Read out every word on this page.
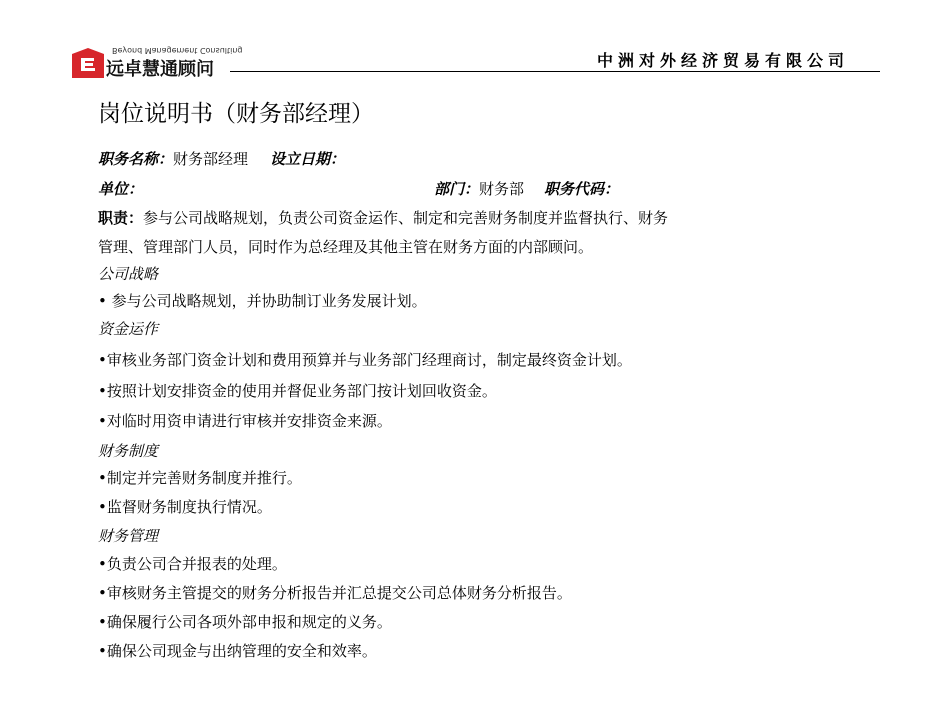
Beyond Management Consulting
远卓慧通顾问	中洲对外经济贸易有限公司
岗位说明书（财务部经理）
职务名称：财务部经理 设立日期：
单位：	部门：财务部 职务代码：
职责：参与公司战略规划，负责公司资金运作、制定和完善财务制度并监督执行、财务
管理、管理部门人员，同时作为总经理及其他主管在财务方面的内部顾问。
公司战略
• 参与公司战略规划，并协助制订业务发展计划。
资金运作
•审核业务部门资金计划和费用预算并与业务部门经理商讨，制定最终资金计划。
•按照计划安排资金的使用并督促业务部门按计划回收资金。
•对临时用资申请进行审核并安排资金来源。
财务制度
•制定并完善财务制度并推行。
•监督财务制度执行情况。
财务管理
•负责公司合并报表的处理。
•审核财务主管提交的财务分析报告并汇总提交公司总体财务分析报告。
•确保履行公司各项外部申报和规定的义务。
•确保公司现金与出纳管理的安全和效率。
